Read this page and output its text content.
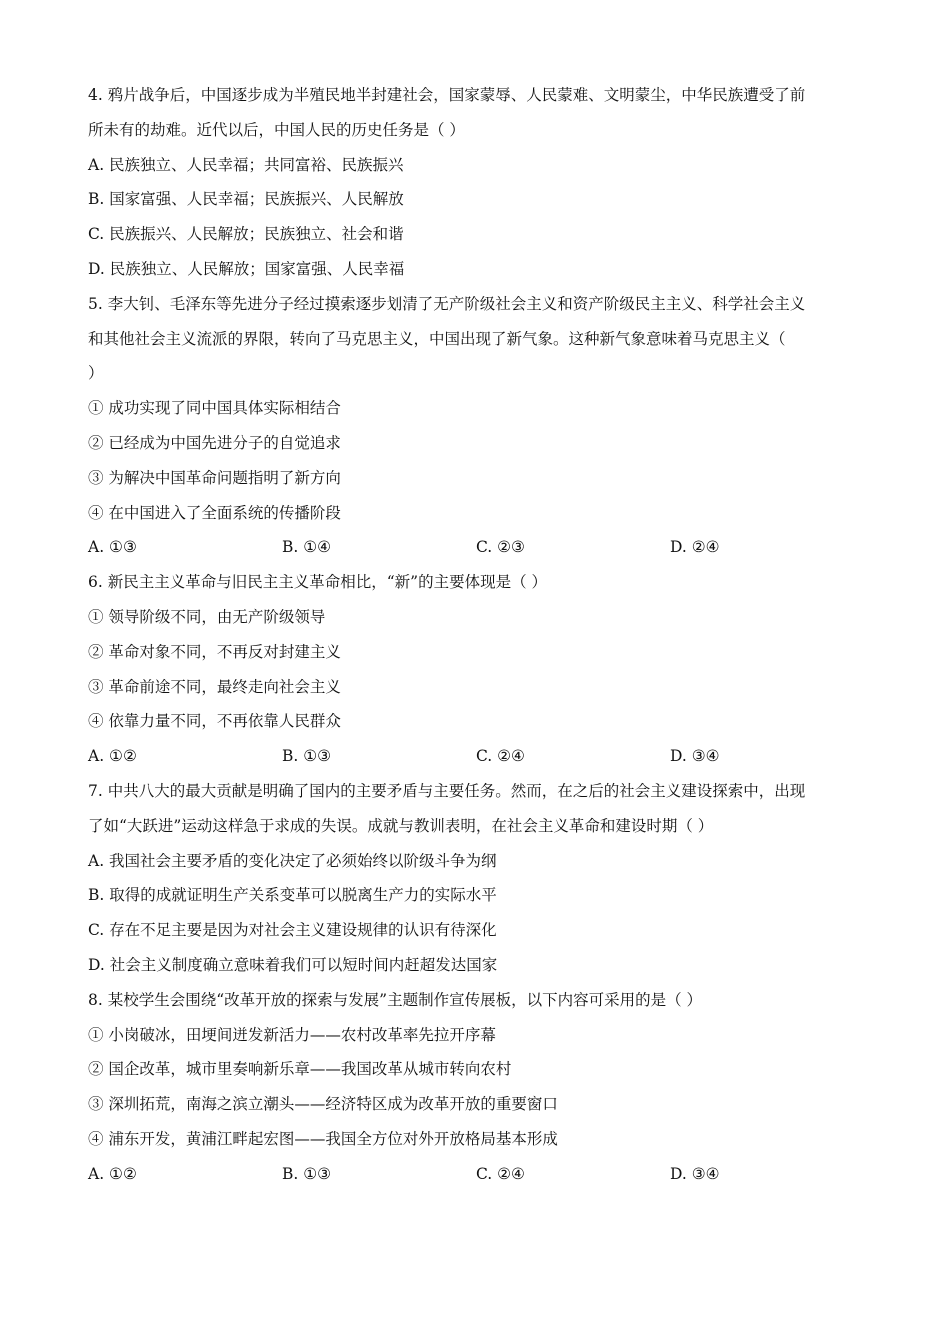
4. 鸦片战争后，中国逐步成为半殖民地半封建社会，国家蒙辱、人民蒙难、文明蒙尘，中华民族遭受了前
所未有的劫难。近代以后，中国人民的历史任务是（ ）
A. 民族独立、人民幸福；共同富裕、民族振兴
B. 国家富强、人民幸福；民族振兴、人民解放
C. 民族振兴、人民解放；民族独立、社会和谐
D. 民族独立、人民解放；国家富强、人民幸福
5. 李大钊、毛泽东等先进分子经过摸索逐步划清了无产阶级社会主义和资产阶级民主主义、科学社会主义
和其他社会主义流派的界限，转向了马克思主义，中国出现了新气象。这种新气象意味着马克思主义（
）
① 成功实现了同中国具体实际相结合
② 已经成为中国先进分子的自觉追求
③ 为解决中国革命问题指明了新方向
④ 在中国进入了全面系统的传播阶段
A. ①③	B. ①④	C. ②③	D. ②④
6. 新民主主义革命与旧民主主义革命相比，“新”的主要体现是（ ）
① 领导阶级不同，由无产阶级领导
② 革命对象不同，不再反对封建主义
③ 革命前途不同，最终走向社会主义
④ 依靠力量不同，不再依靠人民群众
A. ①②	B. ①③	C. ②④	D. ③④
7. 中共八大的最大贡献是明确了国内的主要矛盾与主要任务。然而，在之后的社会主义建设探索中，出现
了如“大跃进”运动这样急于求成的失误。成就与教训表明，在社会主义革命和建设时期（ ）
A. 我国社会主要矛盾的变化决定了必须始终以阶级斗争为纲
B. 取得的成就证明生产关系变革可以脱离生产力的实际水平
C. 存在不足主要是因为对社会主义建设规律的认识有待深化
D. 社会主义制度确立意味着我们可以短时间内赶超发达国家
8. 某校学生会围绕“改革开放的探索与发展”主题制作宣传展板，以下内容可采用的是（ ）
① 小岗破冰，田埂间迸发新活力——农村改革率先拉开序幕
② 国企改革，城市里奏响新乐章——我国改革从城市转向农村
③ 深圳拓荒，南海之滨立潮头——经济特区成为改革开放的重要窗口
④ 浦东开发，黄浦江畔起宏图——我国全方位对外开放格局基本形成
A. ①②	B. ①③	C. ②④	D. ③④
